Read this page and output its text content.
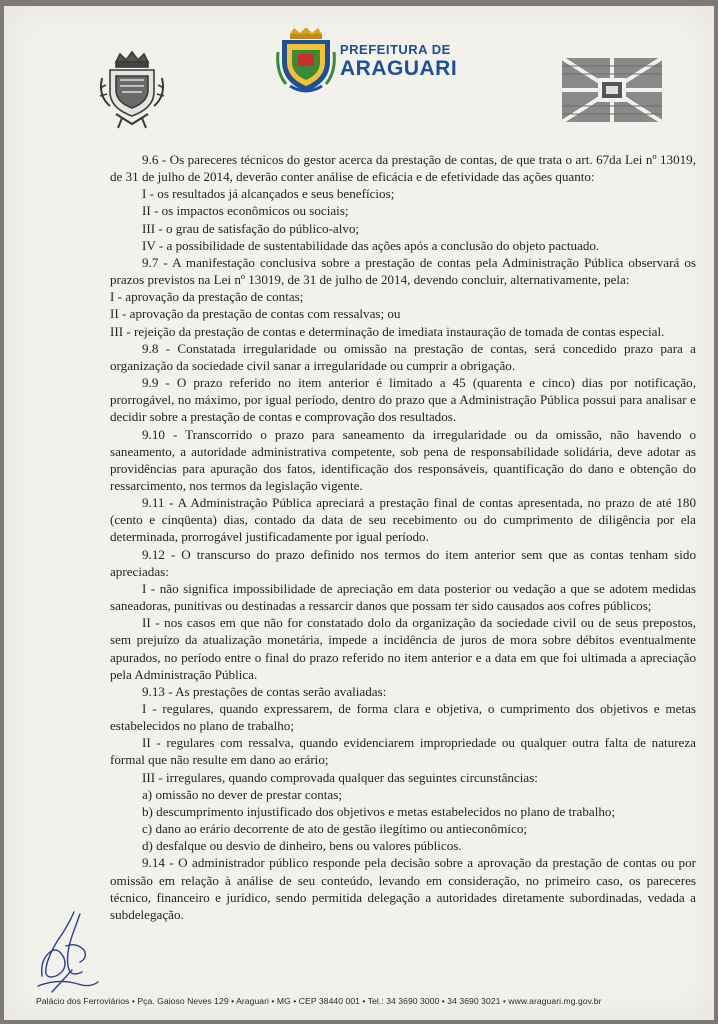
PREFEITURA DE
ARAGUARI

9.6 - Os pareceres técnicos do gestor acerca da prestação de contas, de que trata o art. 67da Lei nº 13019, de 31 de julho de 2014, deverão conter análise de eficácia e de efetividade das ações quanto:

I - os resultados já alcançados e seus benefícios;

II - os impactos econômicos ou sociais;

III - o grau de satisfação do público-alvo;

IV - a possibilidade de sustentabilidade das ações após a conclusão do objeto pactuado.

9.7 - A manifestação conclusiva sobre a prestação de contas pela Administração Pública observará os prazos previstos na Lei nº 13019, de 31 de julho de 2014, devendo concluir, alternativamente, pela:

I - aprovação da prestação de contas;

II - aprovação da prestação de contas com ressalvas; ou

III - rejeição da prestação de contas e determinação de imediata instauração de tomada de contas especial.

9.8 - Constatada irregularidade ou omissão na prestação de contas, será concedido prazo para a organização da sociedade civil sanar a irregularidade ou cumprir a obrigação.

9.9 - O prazo referido no item anterior é limitado a 45 (quarenta e cinco) dias por notificação, prorrogável, no máximo, por igual período, dentro do prazo que a Administração Pública possui para analisar e decidir sobre a prestação de contas e comprovação dos resultados.

9.10 - Transcorrido o prazo para saneamento da irregularidade ou da omissão, não havendo o saneamento, a autoridade administrativa competente, sob pena de responsabilidade solidária, deve adotar as providências para apuração dos fatos, identificação dos responsáveis, quantificação do dano e obtenção do ressarcimento, nos termos da legislação vigente.

9.11 - A Administração Pública apreciará a prestação final de contas apresentada, no prazo de até 180 (cento e cinqüenta) dias, contado da data de seu recebimento ou do cumprimento de diligência por ela determinada, prorrogável justificadamente por igual período.

9.12 - O transcurso do prazo definido nos termos do item anterior sem que as contas tenham sido apreciadas:

I - não significa impossibilidade de apreciação em data posterior ou vedação a que se adotem medidas saneadoras, punitivas ou destinadas a ressarcir danos que possam ter sido causados aos cofres públicos;

II - nos casos em que não for constatado dolo da organização da sociedade civil ou de seus prepostos, sem prejuízo da atualização monetária, impede a incidência de juros de mora sobre débitos eventualmente apurados, no período entre o final do prazo referido no item anterior e a data em que foi ultimada a apreciação pela Administração Pública.

9.13 - As prestações de contas serão avaliadas:

I - regulares, quando expressarem, de forma clara e objetiva, o cumprimento dos objetivos e metas estabelecidos no plano de trabalho;

II - regulares com ressalva, quando evidenciarem impropriedade ou qualquer outra falta de natureza formal que não resulte em dano ao erário;

III - irregulares, quando comprovada qualquer das seguintes circunstâncias:

a) omissão no dever de prestar contas;

b) descumprimento injustificado dos objetivos e metas estabelecidos no plano de trabalho;

c) dano ao erário decorrente de ato de gestão ilegítimo ou antieconômico;

d) desfalque ou desvio de dinheiro, bens ou valores públicos.

9.14 - O administrador público responde pela decisão sobre a aprovação da prestação de contas ou por omissão em relação à análise de seu conteúdo, levando em consideração, no primeiro caso, os pareceres técnico, financeiro e jurídico, sendo permitida delegação a autoridades diretamente subordinadas, vedada a subdelegação.

Palácio dos Ferroviários • Pça. Gaioso Neves 129 • Araguari • MG • CEP 38440 001 • Tel.: 34 3690 3000 • 34 3690 3021 • www.araguari.mg.gov.br
